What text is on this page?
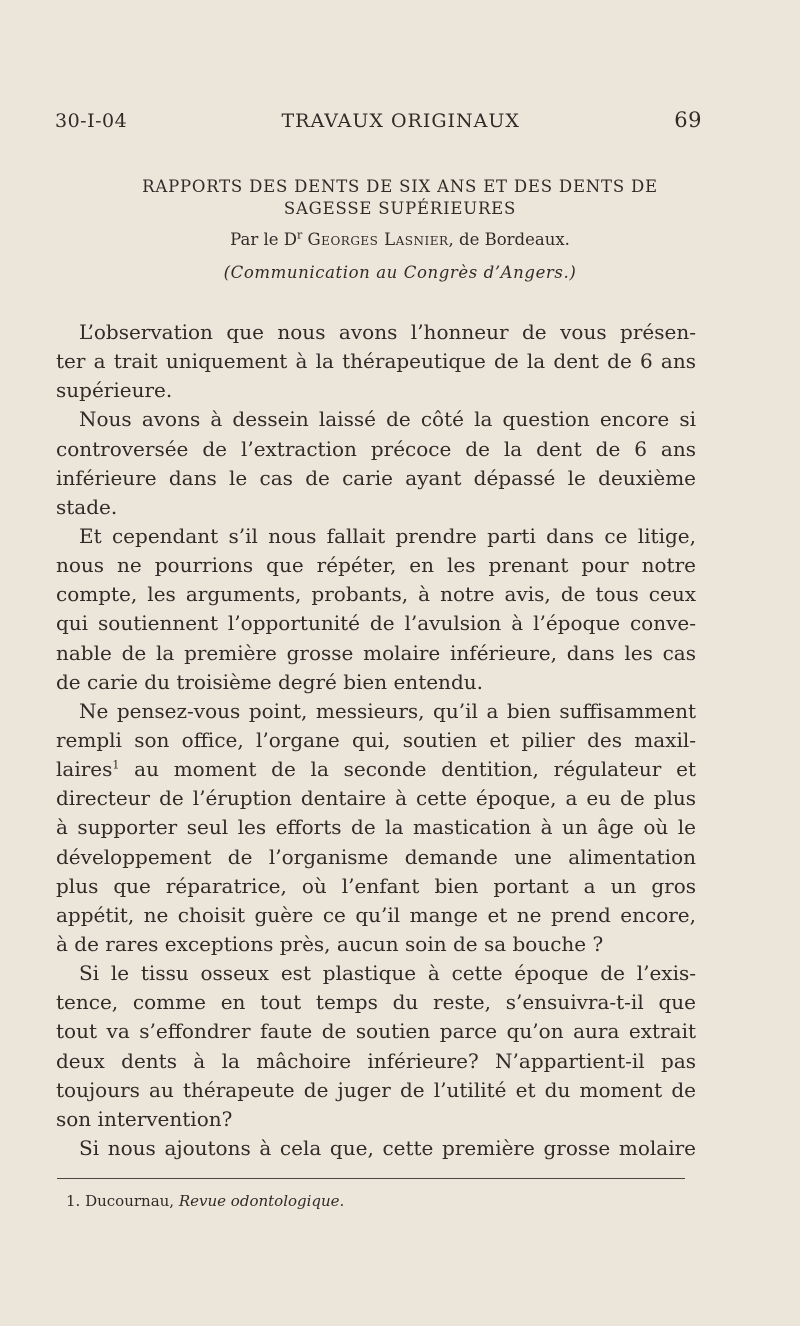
30-I-04	TRAVAUX ORIGINAUX	69
RAPPORTS DES DENTS DE SIX ANS ET DES DENTS DE
SAGESSE SUPÉRIEURES
Par le $D^r$ Georges Lasnier, de Bordeaux.
(Communication au Congrès d’Angers.)
L’observation que nous avons l’honneur de vous présen-
ter a trait uniquement à la thérapeutique de la dent de 6 ans
supérieure.
Nous avons à dessein laissé de côté la question encore si
controversée de l’extraction précoce de la dent de 6 ans
inférieure dans le cas de carie ayant dépassé le deuxième
stade.
Et cependant s’il nous fallait prendre parti dans ce litige,
nous ne pourrions que répéter, en les prenant pour notre
compte, les arguments, probants, à notre avis, de tous ceux
qui soutiennent l’opportunité de l’avulsion à l’époque conve-
nable de la première grosse molaire inférieure, dans les cas
de carie du troisième degré bien entendu.
Ne pensez-vous point, messieurs, qu’il a bien suffisamment
rempli son office, l’organe qui, soutien et pilier des maxil-
laires$^1$ au moment de la seconde dentition, régulateur et
directeur de l’éruption dentaire à cette époque, a eu de plus
à supporter seul les efforts de la mastication à un âge où le
développement de l’organisme demande une alimentation
plus que réparatrice, où l’enfant bien portant a un gros
appétit, ne choisit guère ce qu’il mange et ne prend encore,
à de rares exceptions près, aucun soin de sa bouche ?
Si le tissu osseux est plastique à cette époque de l’exis-
tence, comme en tout temps du reste, s’ensuivra-t-il que
tout va s’effondrer faute de soutien parce qu’on aura extrait
deux dents à la mâchoire inférieure? N’appartient-il pas
toujours au thérapeute de juger de l’utilité et du moment de
son intervention?
Si nous ajoutons à cela que, cette première grosse molaire
1. Ducournau, Revue odontologique.
